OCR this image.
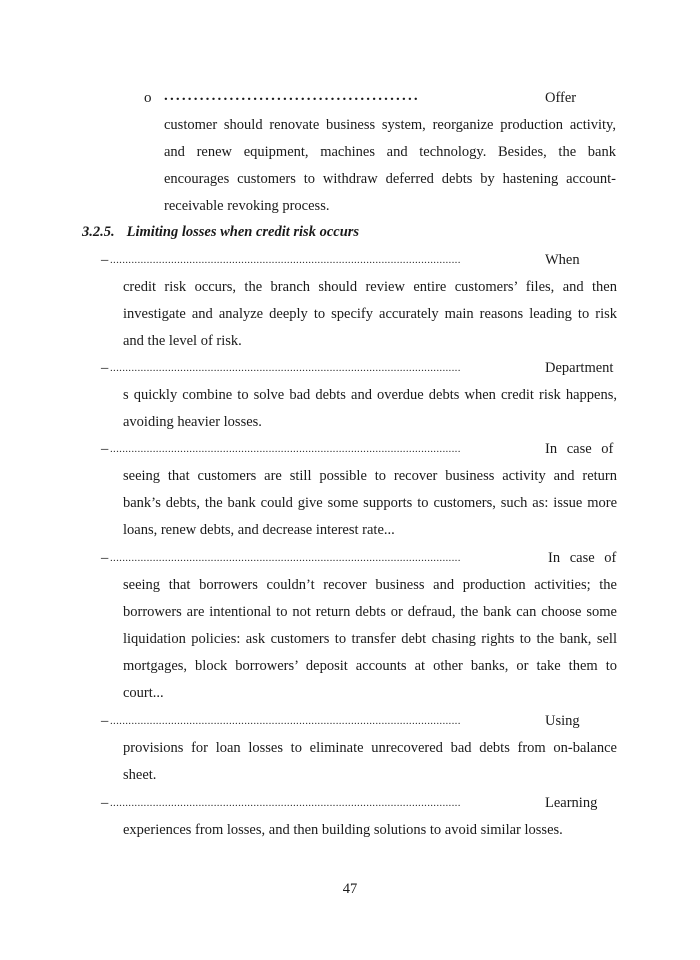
o ...........................................	Offer
customer should renovate business system, reorganize production activity,
and renew equipment, machines and technology. Besides, the bank
encourages customers to withdraw deferred debts by hastening account-
receivable revoking process.
3.2.5. Limiting losses when credit risk occurs
– ...................................................................................................................	When
credit risk occurs, the branch should review entire customers’ files, and then
investigate and analyze deeply to specify accurately main reasons leading to risk
and the level of risk.
– ...................................................................................................................	Department
s quickly combine to solve bad debts and overdue debts when credit risk happens,
avoiding heavier losses.
– ...................................................................................................................	In case of
seeing that customers are still possible to recover business activity and return
bank’s debts, the bank could give some supports to customers, such as: issue more
loans, renew debts, and decrease interest rate...
– ...................................................................................................................	In case of
seeing that borrowers couldn’t recover business and production activities; the
borrowers are intentional to not return debts or defraud, the bank can choose some
liquidation policies: ask customers to transfer debt chasing rights to the bank, sell
mortgages, block borrowers’ deposit accounts at other banks, or take them to
court...
– ...................................................................................................................	Using
provisions for loan losses to eliminate unrecovered bad debts from on-balance
sheet.
– ...................................................................................................................	Learning
experiences from losses, and then building solutions to avoid similar losses.
47
